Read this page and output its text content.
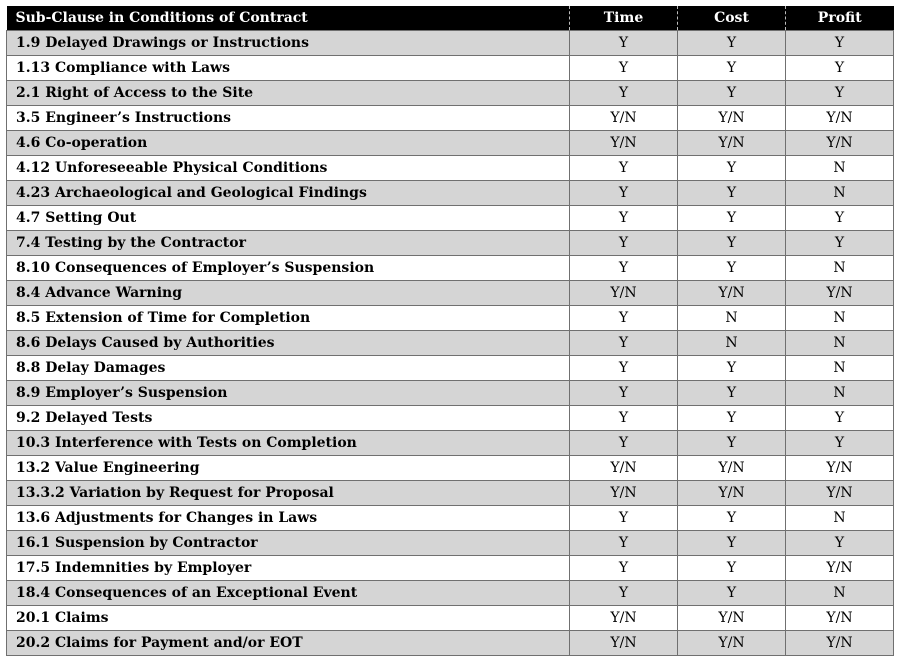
Sub-Clause in Conditions of Contract	Time	Cost	Profit
1.9 Delayed Drawings or Instructions	Y	Y	Y
1.13 Compliance with Laws	Y	Y	Y
2.1 Right of Access to the Site	Y	Y	Y
3.5 Engineer’s Instructions	Y/N	Y/N	Y/N
4.6 Co-operation	Y/N	Y/N	Y/N
4.12 Unforeseeable Physical Conditions	Y	Y	N
4.23 Archaeological and Geological Findings	Y	Y	N
4.7 Setting Out	Y	Y	Y
7.4 Testing by the Contractor	Y	Y	Y
8.10 Consequences of Employer’s Suspension	Y	Y	N
8.4 Advance Warning	Y/N	Y/N	Y/N
8.5 Extension of Time for Completion	Y	N	N
8.6 Delays Caused by Authorities	Y	N	N
8.8 Delay Damages	Y	Y	N
8.9 Employer’s Suspension	Y	Y	N
9.2 Delayed Tests	Y	Y	Y
10.3 Interference with Tests on Completion	Y	Y	Y
13.2 Value Engineering	Y/N	Y/N	Y/N
13.3.2 Variation by Request for Proposal	Y/N	Y/N	Y/N
13.6 Adjustments for Changes in Laws	Y	Y	N
16.1 Suspension by Contractor	Y	Y	Y
17.5 Indemnities by Employer	Y	Y	Y/N
18.4 Consequences of an Exceptional Event	Y	Y	N
20.1 Claims	Y/N	Y/N	Y/N
20.2 Claims for Payment and/or EOT	Y/N	Y/N	Y/N
